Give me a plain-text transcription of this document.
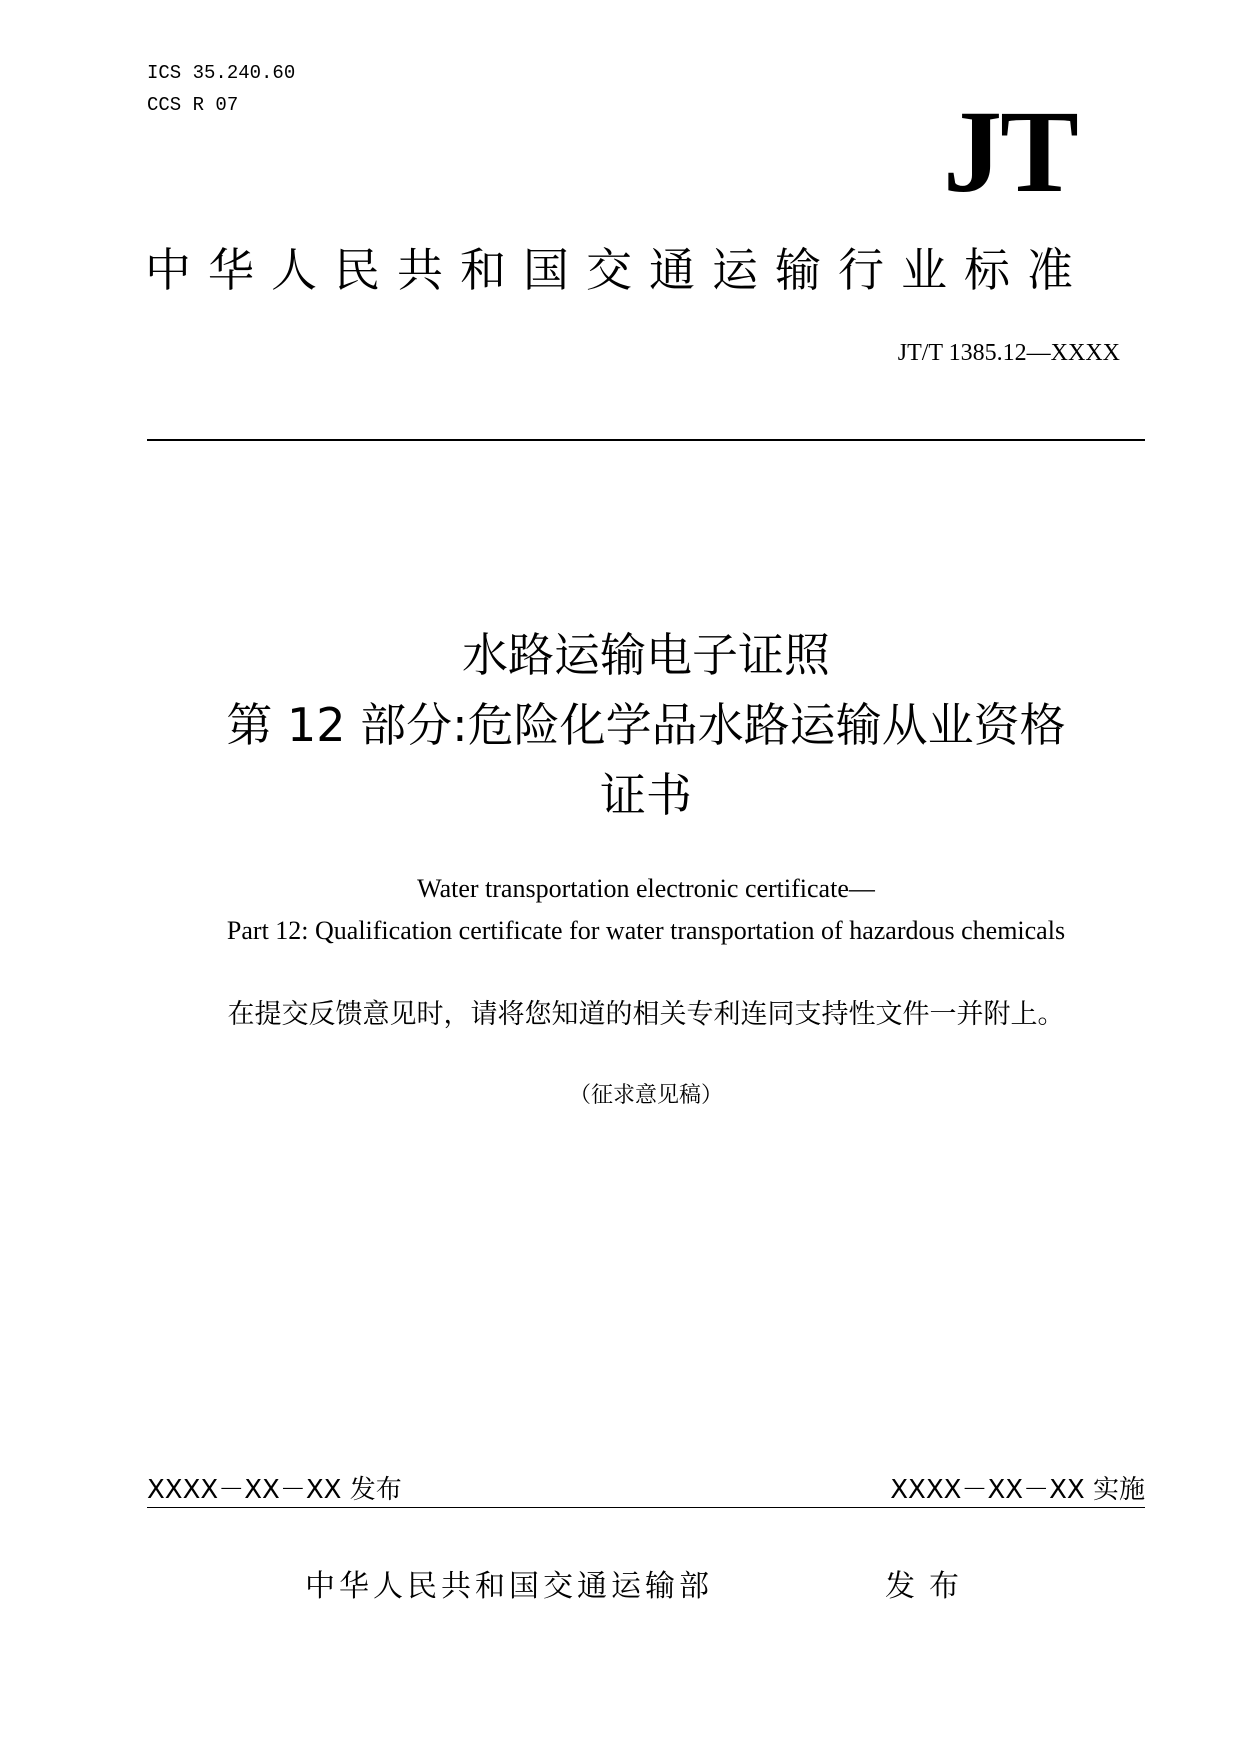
ICS 35.240.60
CCS R 07	JT
中华人民共和国交通运输行业标准
JT/T 1385.12—XXXX
水路运输电子证照
第 12 部分:危险化学品水路运输从业资格
证书
Water transportation electronic certificate—
Part 12: Qualification certificate for water transportation of hazardous chemicals
在提交反馈意见时，请将您知道的相关专利连同支持性文件一并附上。
（征求意见稿）
XXXX－XX－XX 发布	XXXX－XX－XX 实施
中华人民共和国交通运输部	发布
